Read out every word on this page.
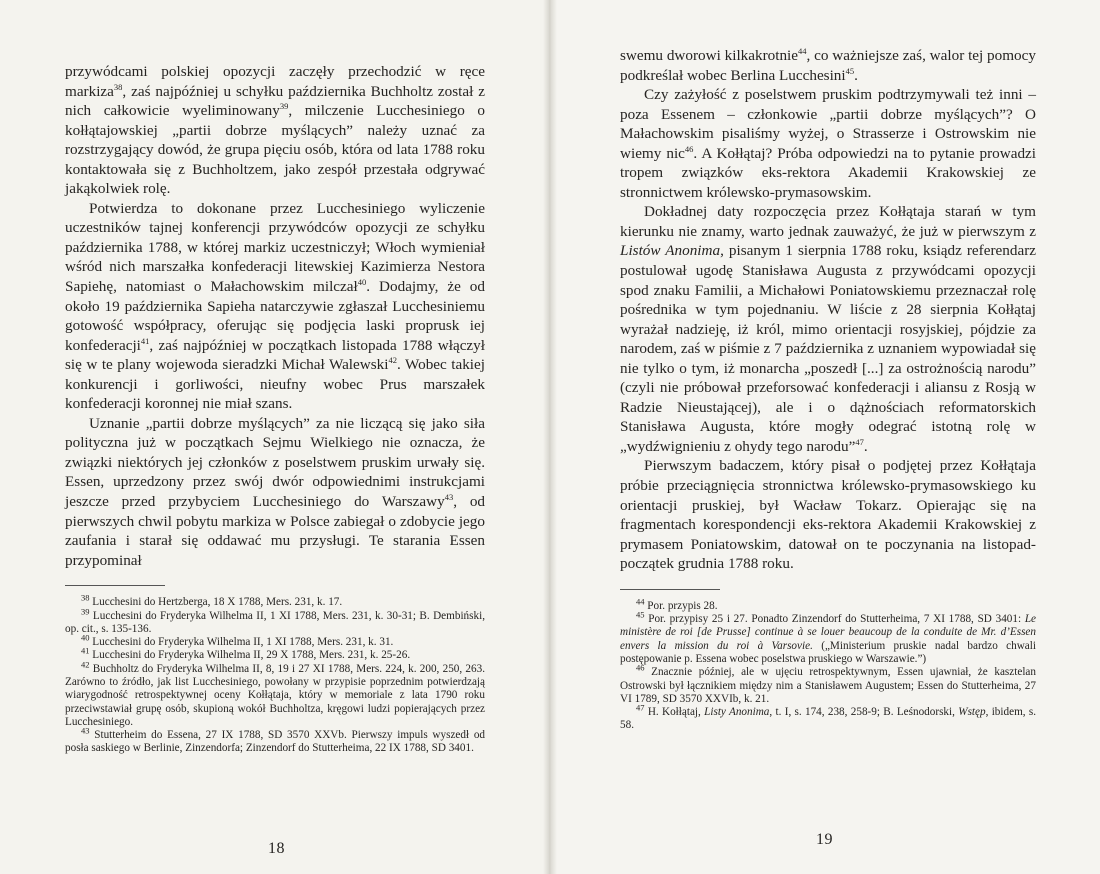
przywódcami polskiej opozycji zaczęły przechodzić w ręce markiza$^{38}$, zaś najpóźniej u schyłku października Buchholtz został z nich całkowicie wyeliminowany$^{39}$, milczenie Lucchesiniego o kołłątajowskiej „partii dobrze myślących” należy uznać za rozstrzygający dowód, że grupa pięciu osób, która od lata 1788 roku kontaktowała się z Buchholtzem, jako zespół przestała odgrywać jakąkolwiek rolę.

Potwierdza to dokonane przez Lucchesiniego wyliczenie uczestników tajnej konferencji przywódców opozycji ze schyłku października 1788, w której markiz uczestniczył; Włoch wymieniał wśród nich marszałka konfederacji litewskiej Kazimierza Nestora Sapiehę, natomiast o Małachowskim milczał$^{40}$. Dodajmy, że od około 19 października Sapieha natarczywie zgłaszał Lucchesiniemu gotowość współpracy, oferując się podjęcia laski proprusk iej konfederacji$^{41}$, zaś najpóźniej w początkach listopada 1788 włączył się w te plany wojewoda sieradzki Michał Walewski$^{42}$. Wobec takiej konkurencji i gorliwości, nieufny wobec Prus marszałek konfederacji koronnej nie miał szans.

Uznanie „partii dobrze myślących” za nie liczącą się jako siła polityczna już w początkach Sejmu Wielkiego nie oznacza, że związki niektórych jej członków z poselstwem pruskim urwały się. Essen, uprzedzony przez swój dwór odpowiednimi instrukcjami jeszcze przed przybyciem Lucchesiniego do Warszawy$^{43}$, od pierwszych chwil pobytu markiza w Polsce zabiegał o zdobycie jego zaufania i starał się oddawać mu przysługi. Te starania Essen przypominał

$^{38}$ Lucchesini do Hertzberga, 18 X 1788, Mers. 231, k. 17.

$^{39}$ Lucchesini do Fryderyka Wilhelma II, 1 XI 1788, Mers. 231, k. 30-31; B. Dembiński, op. cit., s. 135-136.

$^{40}$ Lucchesini do Fryderyka Wilhelma II, 1 XI 1788, Mers. 231, k. 31.

$^{41}$ Lucchesini do Fryderyka Wilhelma II, 29 X 1788, Mers. 231, k. 25-26.

$^{42}$ Buchholtz do Fryderyka Wilhelma II, 8, 19 i 27 XI 1788, Mers. 224, k. 200, 250, 263. Zarówno to źródło, jak list Lucchesiniego, powołany w przypisie poprzednim potwierdzają wiarygodność retrospektywnej oceny Kołłątaja, który w memoriale z lata 1790 roku przeciwstawiał grupę osób, skupioną wokół Buchholtza, kręgowi ludzi popierających przez Lucchesiniego.

$^{43}$ Stutterheim do Essena, 27 IX 1788, SD 3570 XXVb. Pierwszy impuls wyszedł od posła saskiego w Berlinie, Zinzendorfa; Zinzendorf do Stutterheima, 22 IX 1788, SD 3401.

18

swemu dworowi kilkakrotnie$^{44}$, co ważniejsze zaś, walor tej pomocy podkreślał wobec Berlina Lucchesini$^{45}$.

Czy zażyłość z poselstwem pruskim podtrzymywali też inni – poza Essenem – członkowie „partii dobrze myślących”? O Małachowskim pisaliśmy wyżej, o Strasserze i Ostrowskim nie wiemy nic$^{46}$. A Kołłątaj? Próba odpowiedzi na to pytanie prowadzi tropem związków eks-rektora Akademii Krakowskiej ze stronnictwem królewsko-prymasowskim.

Dokładnej daty rozpoczęcia przez Kołłątaja starań w tym kierunku nie znamy, warto jednak zauważyć, że już w pierwszym z Listów Anonima, pisanym 1 sierpnia 1788 roku, ksiądz referendarz postulował ugodę Stanisława Augusta z przywódcami opozycji spod znaku Familii, a Michałowi Poniatowskiemu przeznaczał rolę pośrednika w tym pojednaniu. W liście z 28 sierpnia Kołłątaj wyrażał nadzieję, iż król, mimo orientacji rosyjskiej, pójdzie za narodem, zaś w piśmie z 7 października z uznaniem wypowiadał się nie tylko o tym, iż monarcha „poszedł [...] za ostrożnością narodu” (czyli nie próbował przeforsować konfederacji i aliansu z Rosją w Radzie Nieustającej), ale i o dążnościach reformatorskich Stanisława Augusta, które mogły odegrać istotną rolę w „wydźwignieniu z ohydy tego narodu”$^{47}$.

Pierwszym badaczem, który pisał o podjętej przez Kołłątaja próbie przeciągnięcia stronnictwa królewsko-prymasowskiego ku orientacji pruskiej, był Wacław Tokarz. Opierając się na fragmentach korespondencji eks-rektora Akademii Krakowskiej z prymasem Poniatowskim, datował on te poczynania na listopad-początek grudnia 1788 roku.

$^{44}$ Por. przypis 28.

$^{45}$ Por. przypisy 25 i 27. Ponadto Zinzendorf do Stutterheima, 7 XI 1788, SD 3401: Le ministère de roi [de Prusse] continue à se louer beaucoup de la conduite de Mr. d’Essen envers la mission du roi à Varsovie. („Ministerium pruskie nadal bardzo chwali postępowanie p. Essena wobec poselstwa pruskiego w Warszawie.”)

$^{46}$ Znacznie później, ale w ujęciu retrospektywnym, Essen ujawniał, że kasztelan Ostrowski był łącznikiem między nim a Stanisławem Augustem; Essen do Stutterheima, 27 VI 1789, SD 3570 XXVIb, k. 21.

$^{47}$ H. Kołłątaj, Listy Anonima, t. I, s. 174, 238, 258-9; B. Leśnodorski, Wstęp, ibidem, s. 58.

19
